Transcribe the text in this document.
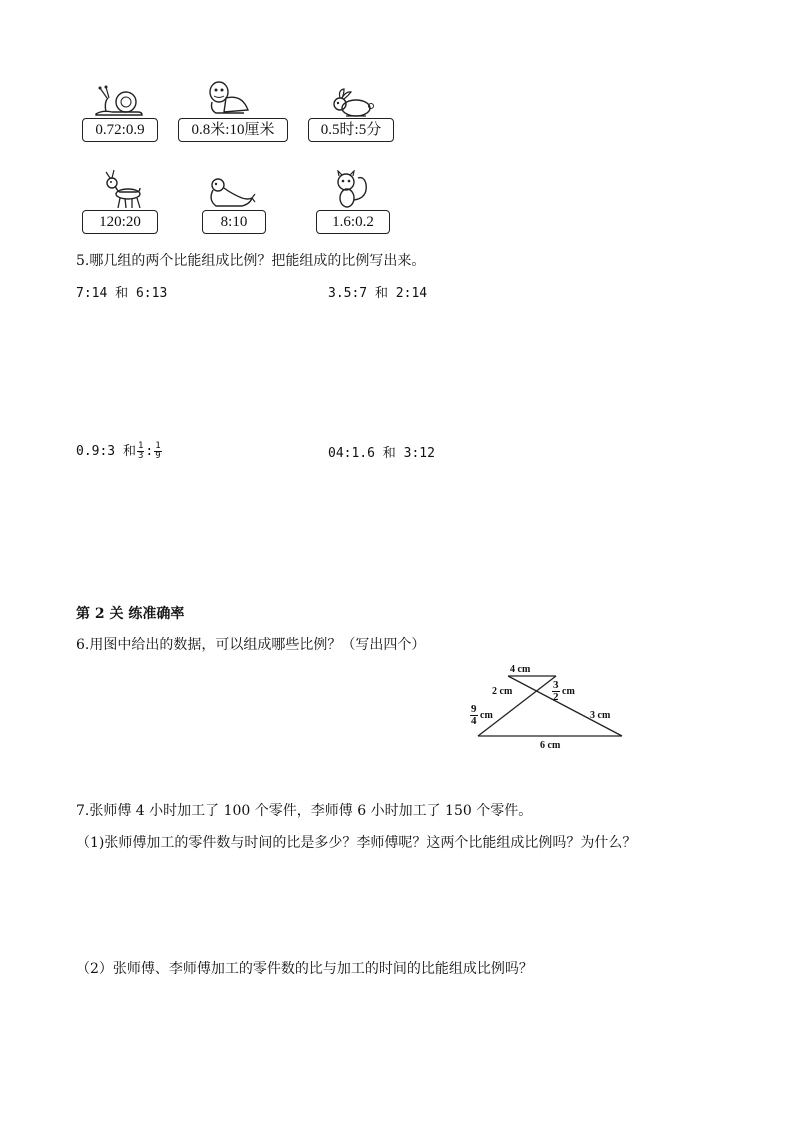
0.72:0.9	0.8米:10厘米	0.5时:5分
120:20	8:10	1.6:0.2
5.哪几组的两个比能组成比例？把能组成的比例写出来。
7:14 和 6:13	3.5:7 和 2:14
0.9:3 和 $\frac{1}{3}$ : $\frac{1}{9}$	04:1.6 和 3:12
第 2 关 练准确率
6.用图中给出的数据，可以组成哪些比例？（写出四个）
4 cm
2 cm	$\frac{3}{2}$ cm
$\frac{9}{4}$ cm	3 cm
6 cm
7.张师傅 4 小时加工了 100 个零件，李师傅 6 小时加工了 150 个零件。
（1)张师傅加工的零件数与时间的比是多少？李师傅呢？这两个比能组成比例吗？为什么？
（2）张师傅、李师傅加工的零件数的比与加工的时间的比能组成比例吗？
